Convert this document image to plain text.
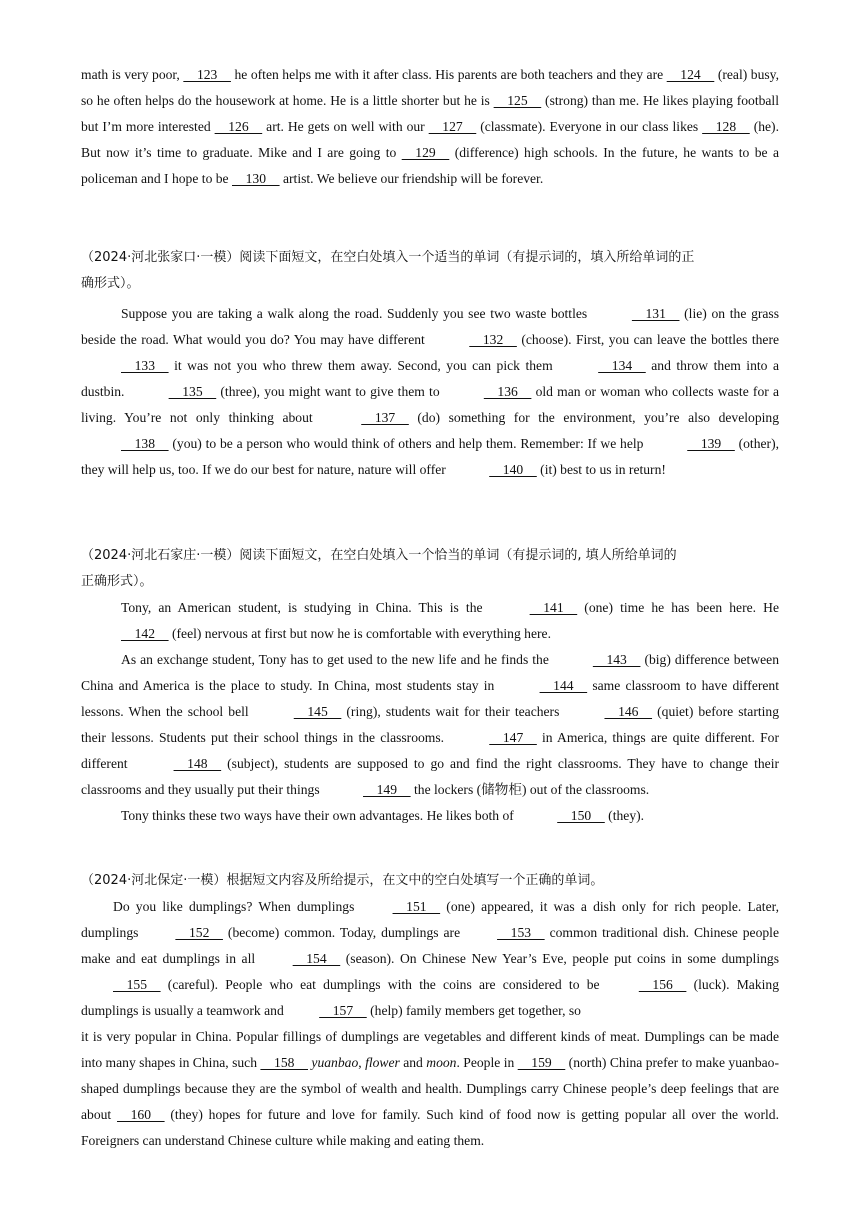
math is very poor,   123   he often helps me with it after class. His parents are both teachers and they are   124   (real) busy, so he often helps do the housework at home. He is a little shorter but he is   125   (strong) than me. He likes playing football but I’m more interested   126   art. He gets on well with our   127   (classmate). Everyone in our class likes   128   (he). But now it’s time to graduate. Mike and I are going to   129   (difference) high schools. In the future, he wants to be a policeman and I hope to be   130   artist. We believe our friendship will be forever.

（2024·河北张家口·一模）阅读下面短文，在空白处填入一个适当的单词（有提示词的，填入所给单词的正
确形式）。

Suppose you are taking a walk along the road. Suddenly you see two waste bottles	  131   (lie) on the grass beside the road. What would you do? You may have different	  132   (choose). First, you can leave the bottles there   133   it was not you who threw them away. Second, you can pick them	  134   and throw them into a dustbin.	  135   (three), you might want to give them to	  136   old man or woman who collects waste for a living. You’re not only thinking about	  137   (do) something for the environment, you’re also developing   138   (you) to be a person who would think of others and help them. Remember: If we help	  139   (other), they will help us, too. If we do our best for nature, nature will offer	  140   (it) best to us in return!

（2024·河北石家庄·一模）阅读下面短文，在空白处填入一个恰当的单词（有提示词的, 填人所给单词的
正确形式）。

Tony, an American student, is studying in China. This is the	  141   (one) time he has been here. He   142   (feel) nervous at first but now he is comfortable with everything here.

As an exchange student, Tony has to get used to the new life and he finds the	  143   (big) difference between China and America is the place to study. In China, most students stay in	  144   same classroom to have different lessons. When the school bell	  145   (ring), students wait for their teachers	  146   (quiet) before starting their lessons. Students put their school things in the classrooms.	  147   in America, things are quite different. For different	  148   (subject), students are supposed to go and find the right classrooms. They have to change their classrooms and they usually put their things	  149   the lockers (储物柜) out of the classrooms.

Tony thinks these two ways have their own advantages. He likes both of	  150   (they).

（2024·河北保定·一模）根据短文内容及所给提示，在文中的空白处填写一个正确的单词。

Do you like dumplings? When dumplings   151   (one) appeared, it was a dish only for rich people. Later, dumplings   152   (become) common. Today, dumplings are   153   common traditional dish. Chinese people make and eat dumplings in all   154   (season). On Chinese New Year’s Eve, people put coins in some dumplings   155   (careful). People who eat dumplings with the coins are considered to be   156   (luck). Making dumplings is usually a teamwork and   157   (help) family members get together, so

it is very popular in China. Popular fillings of dumplings are vegetables and different kinds of meat. Dumplings can be made into many shapes in China, such   158   yuanbao, flower and moon. People in   159   (north) China prefer to make yuanbao-shaped dumplings because they are the symbol of wealth and health. Dumplings carry Chinese people’s deep feelings that are about   160   (they) hopes for future and love for family. Such kind of food now is getting popular all over the world. Foreigners can understand Chinese culture while making and eating them.
